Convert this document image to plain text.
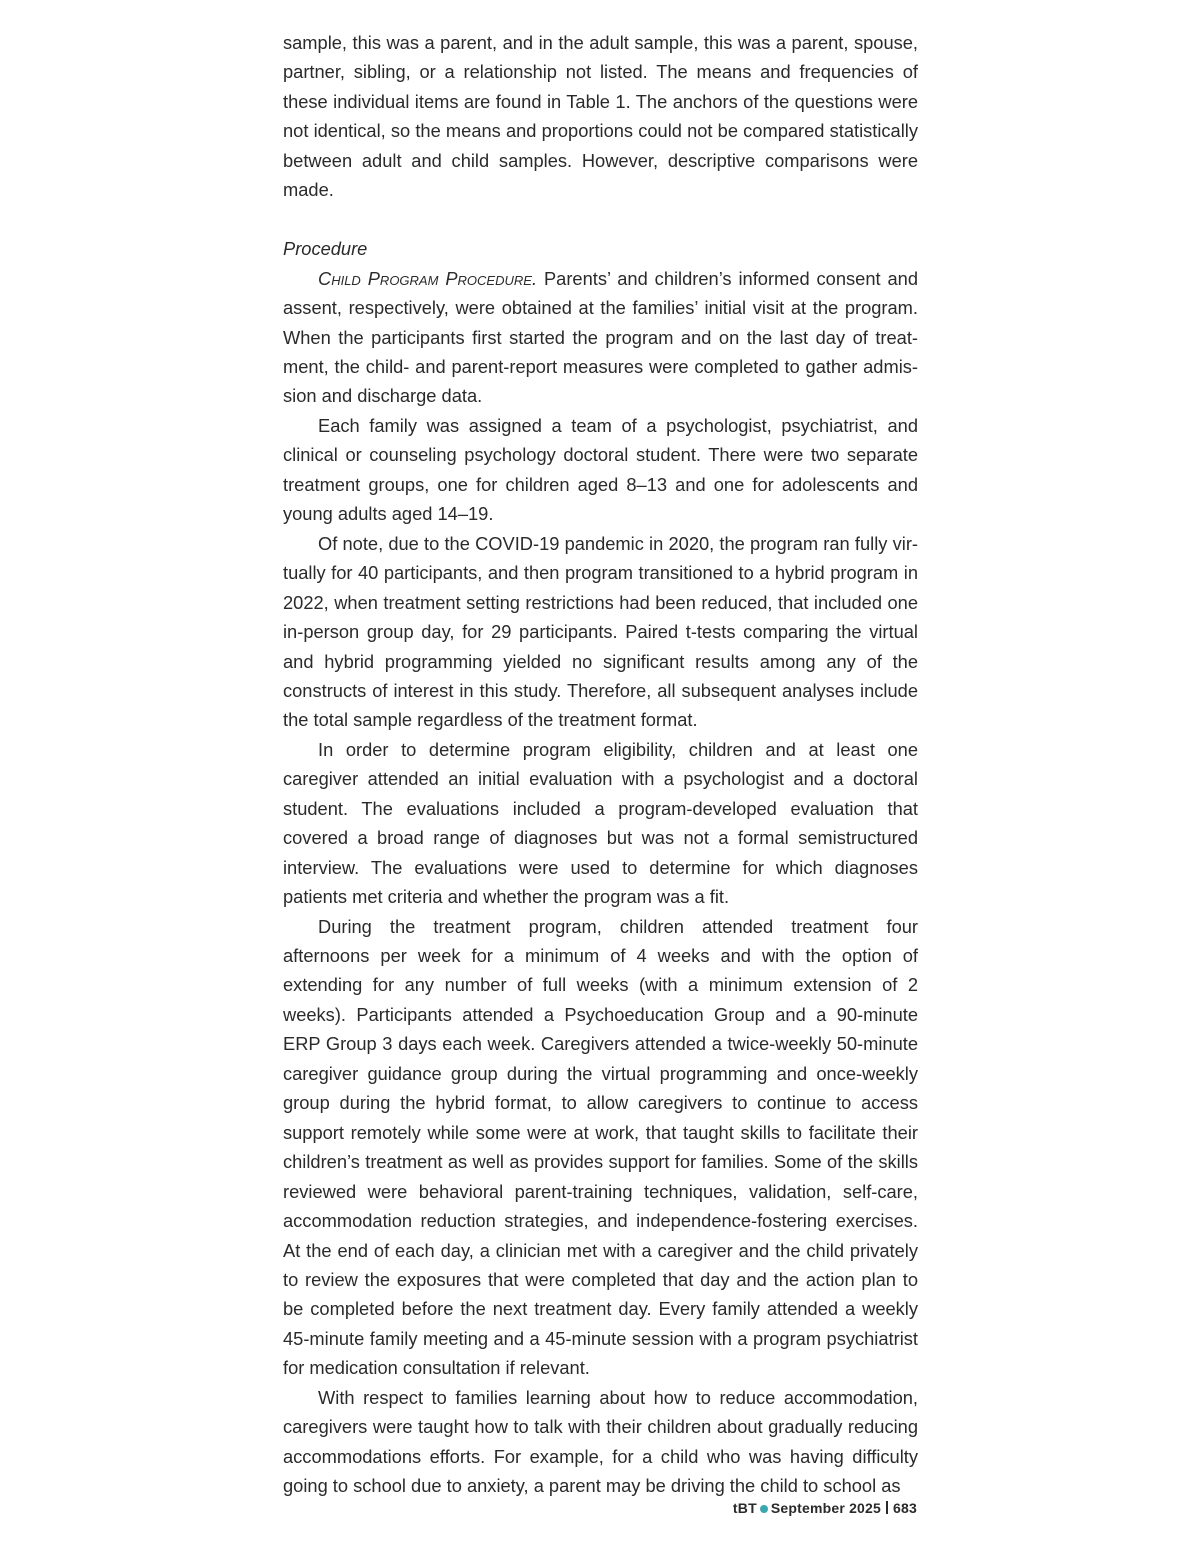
sample, this was a parent, and in the adult sample, this was a parent, spouse, partner, sibling, or a relationship not listed. The means and frequencies of these individual items are found in Table 1. The anchors of the questions were not identical, so the means and proportions could not be compared statistically between adult and child samples. However, descriptive comparisons were made.

Procedure

Child Program Procedure. Parents’ and children’s informed consent and assent, respectively, were obtained at the families’ initial visit at the program. When the participants first started the program and on the last day of treatment, the child- and parent-report measures were completed to gather admission and discharge data.

Each family was assigned a team of a psychologist, psychiatrist, and clinical or counseling psychology doctoral student. There were two separate treatment groups, one for children aged 8–13 and one for adolescents and young adults aged 14–19.

Of note, due to the COVID-19 pandemic in 2020, the program ran fully virtually for 40 participants, and then program transitioned to a hybrid program in 2022, when treatment setting restrictions had been reduced, that included one in-person group day, for 29 participants. Paired t-tests comparing the virtual and hybrid programming yielded no significant results among any of the constructs of interest in this study. Therefore, all subsequent analyses include the total sample regardless of the treatment format.

In order to determine program eligibility, children and at least one caregiver attended an initial evaluation with a psychologist and a doctoral student. The evaluations included a program-developed evaluation that covered a broad range of diagnoses but was not a formal semistructured interview. The evaluations were used to determine for which diagnoses patients met criteria and whether the program was a fit.

During the treatment program, children attended treatment four afternoons per week for a minimum of 4 weeks and with the option of extending for any number of full weeks (with a minimum extension of 2 weeks). Participants attended a Psychoeducation Group and a 90-minute ERP Group 3 days each week. Caregivers attended a twice-weekly 50-minute caregiver guidance group during the virtual programming and once-weekly group during the hybrid format, to allow caregivers to continue to access support remotely while some were at work, that taught skills to facilitate their children’s treatment as well as provides support for families. Some of the skills reviewed were behavioral parent-training techniques, validation, self-care, accommodation reduction strategies, and independence-fostering exercises. At the end of each day, a clinician met with a caregiver and the child privately to review the exposures that were completed that day and the action plan to be completed before the next treatment day. Every family attended a weekly 45-minute family meeting and a 45-minute session with a program psychiatrist for medication consultation if relevant.

With respect to families learning about how to reduce accommodation, caregivers were taught how to talk with their children about gradually reducing accommodations efforts. For example, for a child who was having difficulty going to school due to anxiety, a parent may be driving the child to school as

tBT September 2025 683
